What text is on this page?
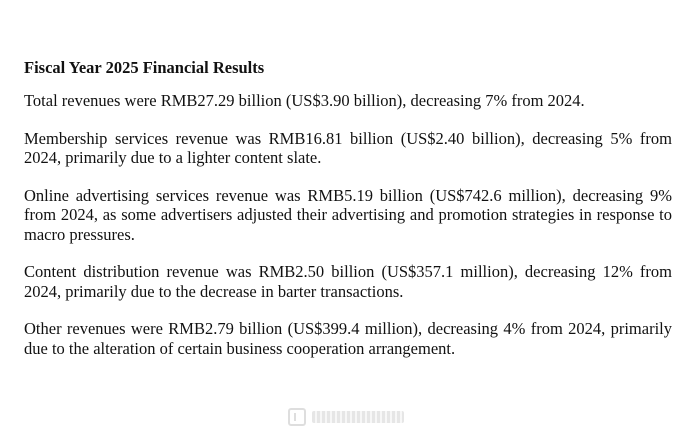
Fiscal Year 2025 Financial Results

Total revenues were RMB27.29 billion (US$3.90 billion), decreasing 7% from 2024.

Membership services revenue was RMB16.81 billion (US$2.40 billion), decreasing 5% from 2024, primarily due to a lighter content slate.

Online advertising services revenue was RMB5.19 billion (US$742.6 million), decreasing 9% from 2024, as some advertisers adjusted their advertising and promotion strategies in response to macro pressures.

Content distribution revenue was RMB2.50 billion (US$357.1 million), decreasing 12% from 2024, primarily due to the decrease in barter transactions.

Other revenues were RMB2.79 billion (US$399.4 million), decreasing 4% from 2024, primarily due to the alteration of certain business cooperation arrangement.
